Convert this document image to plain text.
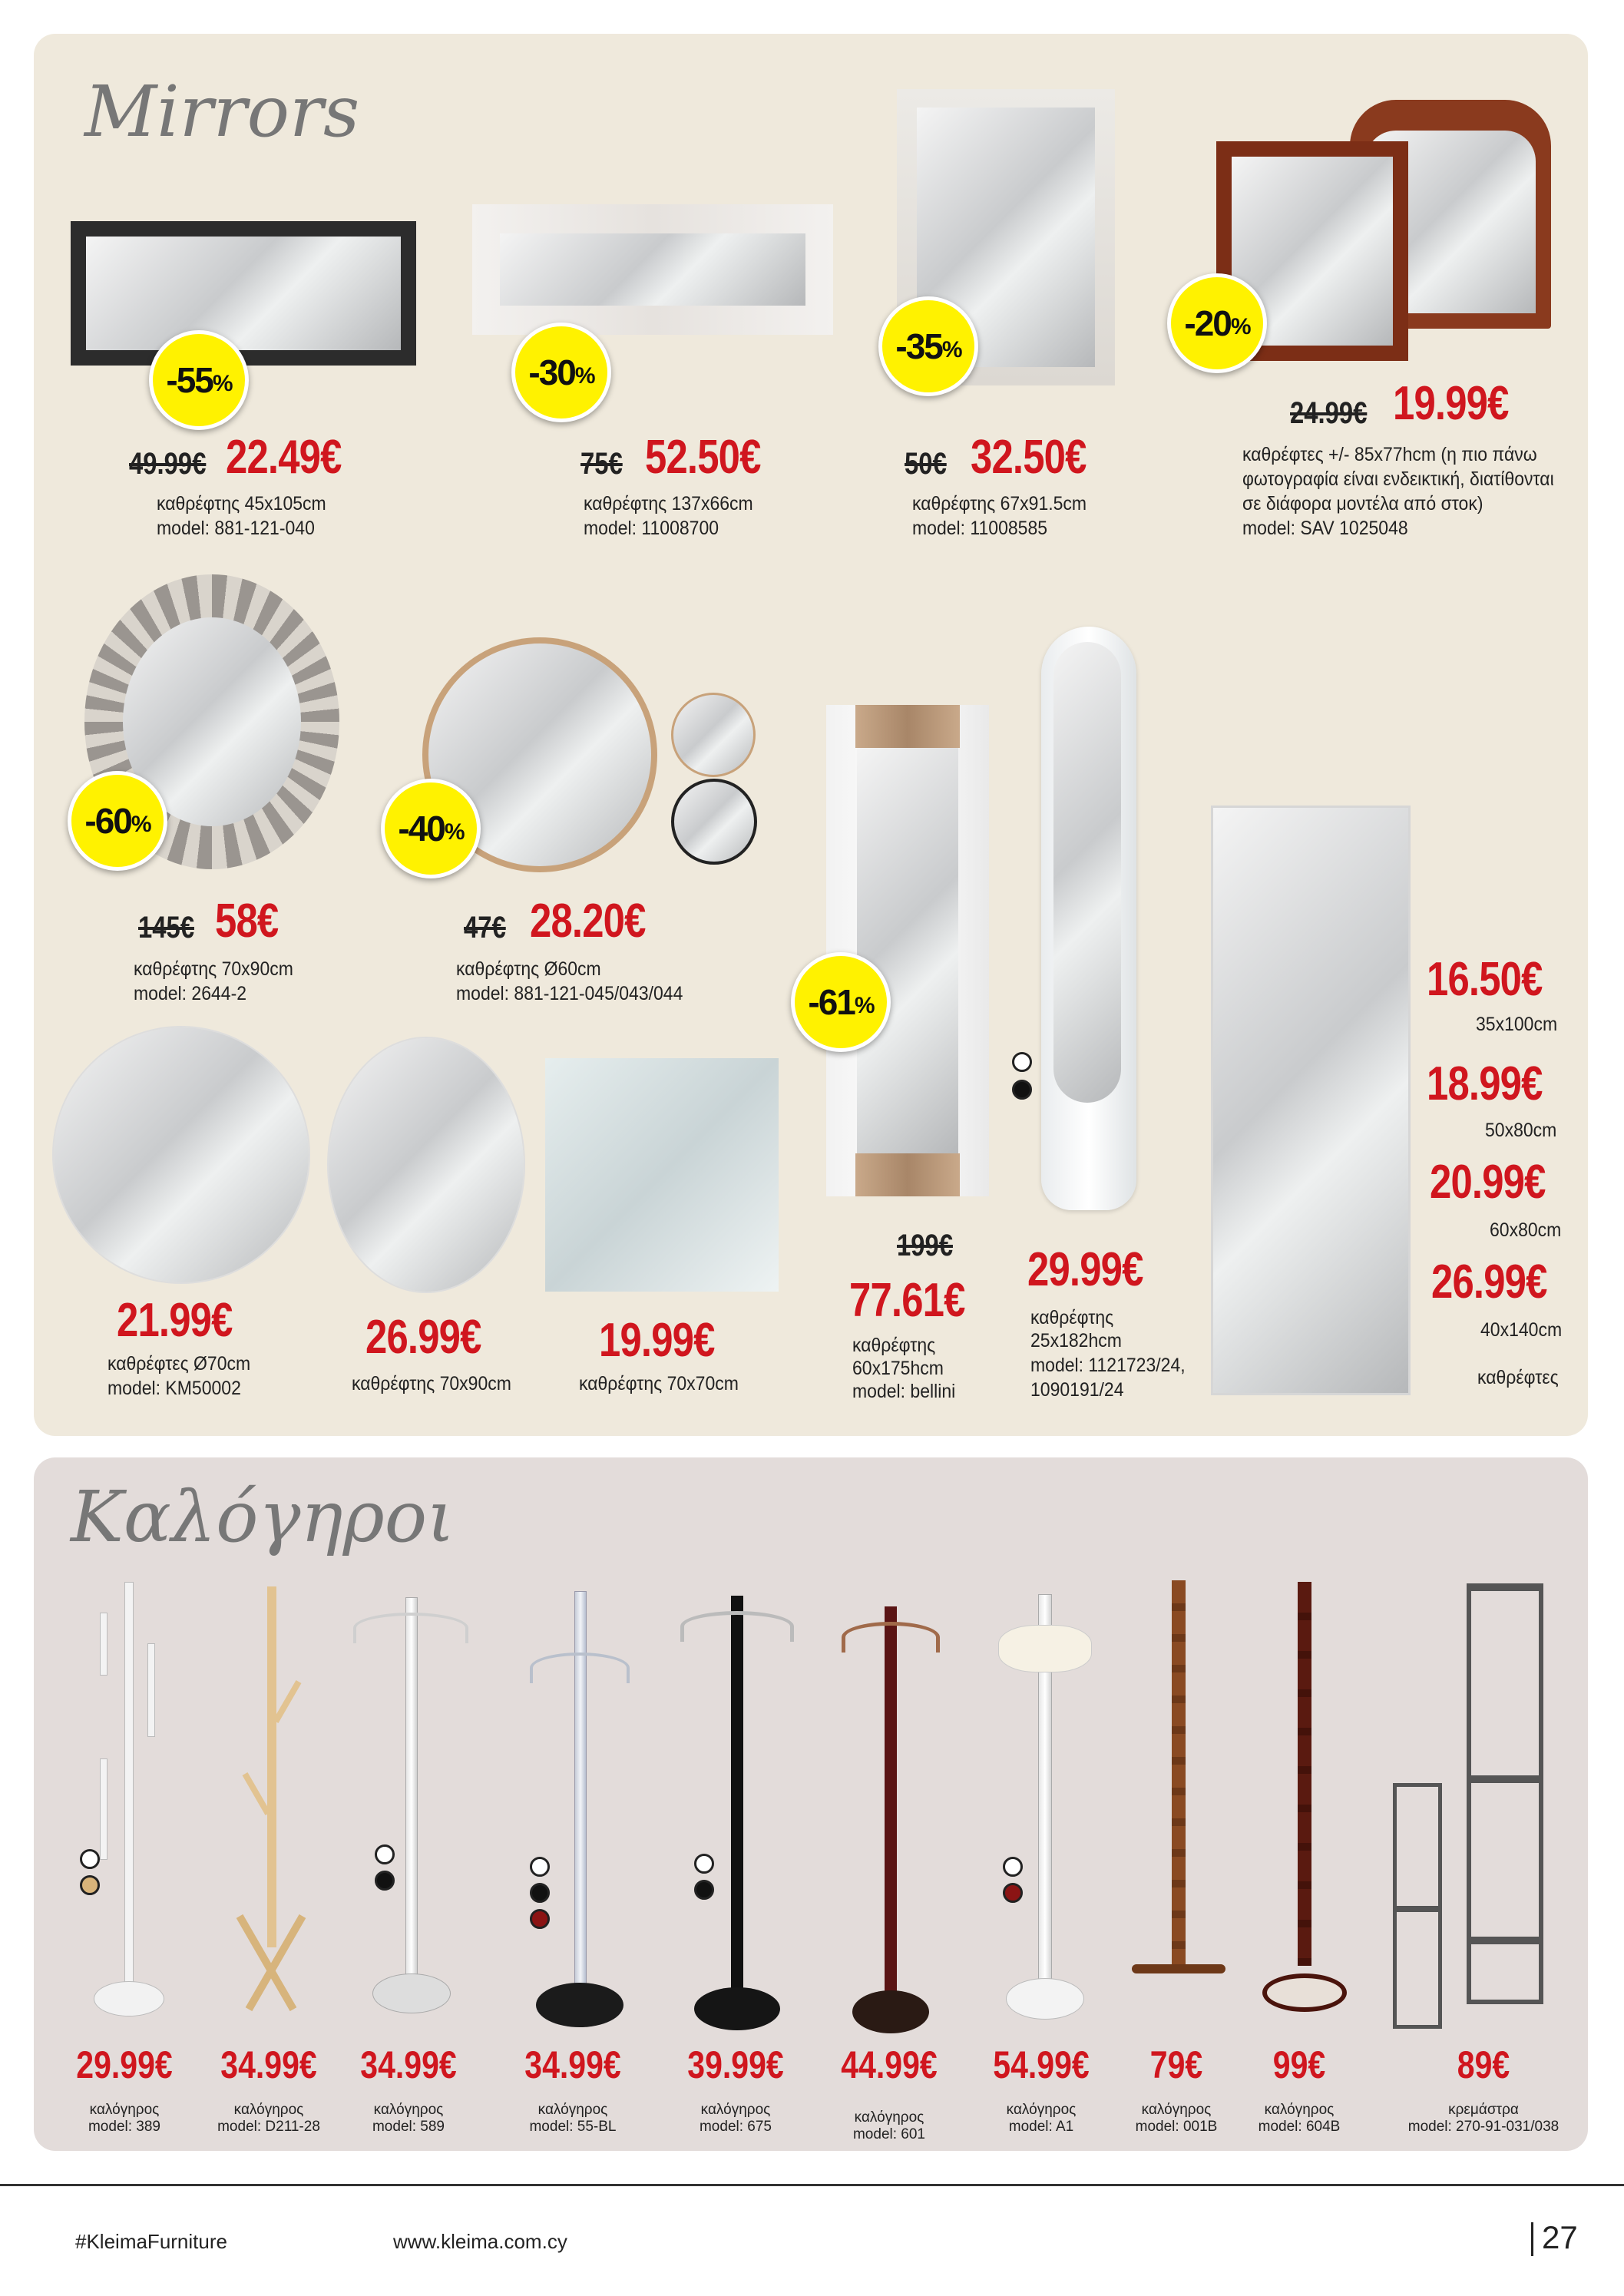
Mirrors
-55 %	-30 %
-35 %
-20 %
49.99€ 22.49€
καθρέφτης 45x105cm
model: 881-121-040
75€ 52.50€
καθρέφτης 137x66cm
model: 11008700
50€ 32.50€
καθρέφτης 67x91.5cm
model: 11008585
24.99€ 19.99€
καθρέφτες +/- 85x77hcm (η πιο πάνω
φωτογραφία είναι ενδεικτική, διατίθονται
σε διάφορα μοντέλα από στοκ)
model: SAV 1025048
-60 %	-40 %
145€ 58€
καθρέφτης 70x90cm
model: 2644-2
47€ 28.20€
καθρέφτης Ø60cm
model: 881-121-045/043/044
21.99€
καθρέφτες Ø70cm
model: KM50002
26.99€
καθρέφτης 70x90cm
19.99€
καθρέφτης 70x70cm
-61 %
199€
77.61€
καθρέφτης
60x175hcm
model: bellini
29.99€
καθρέφτης
25x182hcm
model: 1121723/24,
1090191/24
16.50€
35x100cm
18.99€
50x80cm
20.99€
60x80cm
26.99€
40x140cm
καθρέφτες
Καλόγηροι
29.99€
καλόγηρος
model: 389
34.99€
καλόγηρος
model: D211-28
34.99€
καλόγηρος
model: 589
34.99€
καλόγηρος
model: 55-BL
39.99€
καλόγηρος
model: 675
44.99€
καλόγηρος
model: 601
54.99€
καλόγηρος
model: A1
79€
καλόγηρος
model: 001B
99€
καλόγηρος
model: 604B
89€
κρεμάστρα
model: 270-91-031/038
#KleimaFurniture	www.kleima.com.cy	27
